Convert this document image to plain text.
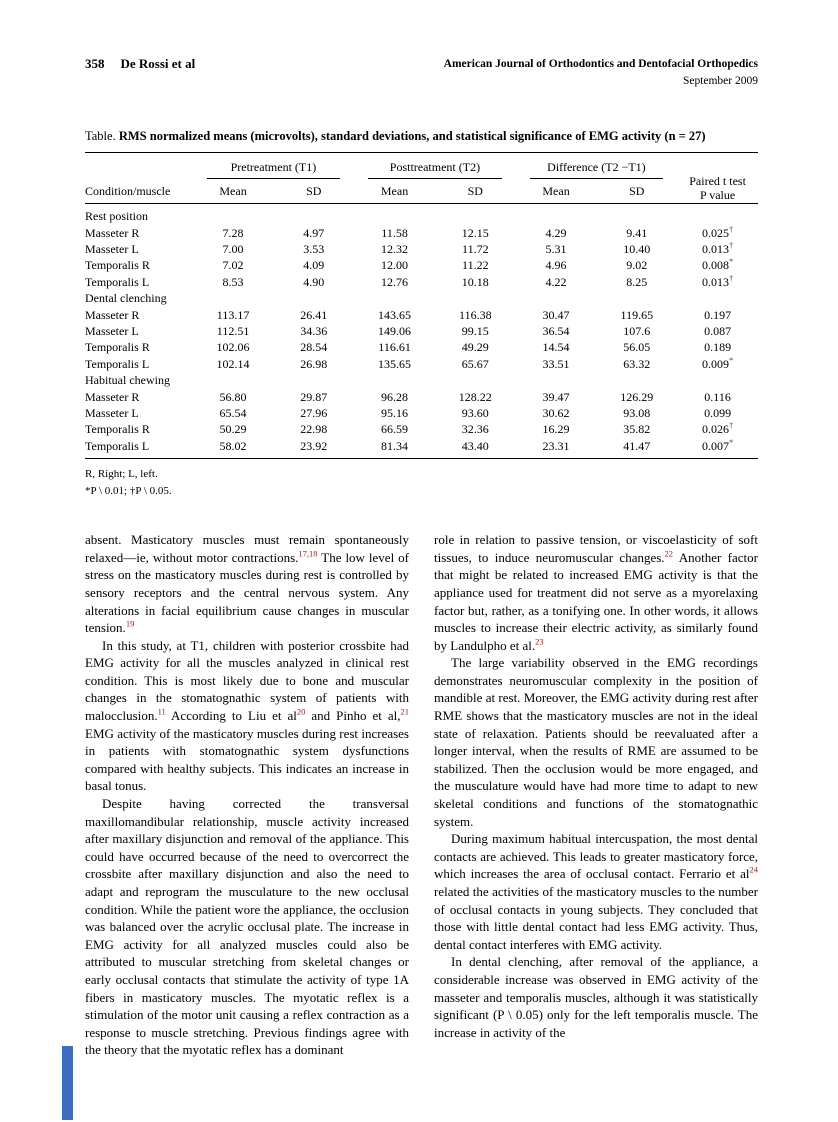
358 De Rossi et al	American Journal of Orthodontics and Dentofacial Orthopedics
September 2009
Table. RMS normalized means (microvolts), standard deviations, and statistical significance of EMG activity (n = 27)

	Pretreatment (T1)		Posttreatment (T2)		Difference (T2 −T1)		Paired t test
P value
Condition/muscle	Mean	SD	Mean	SD	Mean	SD	
Rest position							
Masseter R	7.28	4.97	11.58	12.15	4.29	9.41	0.025†
Masseter L	7.00	3.53	12.32	11.72	5.31	10.40	0.013†
Temporalis R	7.02	4.09	12.00	11.22	4.96	9.02	0.008*
Temporalis L	8.53	4.90	12.76	10.18	4.22	8.25	0.013†
Dental clenching							
Masseter R	113.17	26.41	143.65	116.38	30.47	119.65	0.197
Masseter L	112.51	34.36	149.06	99.15	36.54	107.6	0.087
Temporalis R	102.06	28.54	116.61	49.29	14.54	56.05	0.189
Temporalis L	102.14	26.98	135.65	65.67	33.51	63.32	0.009*
Habitual chewing							
Masseter R	56.80	29.87	96.28	128.22	39.47	126.29	0.116
Masseter L	65.54	27.96	95.16	93.60	30.62	93.08	0.099
Temporalis R	50.29	22.98	66.59	32.36	16.29	35.82	0.026†
Temporalis L	58.02	23.92	81.34	43.40	23.31	41.47	0.007*
R, Right; L, left.
*P \ 0.01; †P \ 0.05.

absent. Masticatory muscles must remain spontaneously relaxed—ie, without motor contractions.$^{17,18}$ The low level of stress on the masticatory muscles during rest is controlled by sensory receptors and the central nervous system. Any alterations in facial equilibrium cause changes in muscular tension.$^{19}$

In this study, at T1, children with posterior crossbite had EMG activity for all the muscles analyzed in clinical rest condition. This is most likely due to bone and muscular changes in the stomatognathic system of patients with malocclusion.$^{11}$ According to Liu et al$^{20}$ and Pinho et al,$^{21}$ EMG activity of the masticatory muscles during rest increases in patients with stomatognathic system dysfunctions compared with healthy subjects. This indicates an increase in basal tonus.

Despite having corrected the transversal maxillomandibular relationship, muscle activity increased after maxillary disjunction and removal of the appliance. This could have occurred because of the need to overcorrect the crossbite after maxillary disjunction and also the need to adapt and reprogram the musculature to the new occlusal condition. While the patient wore the appliance, the occlusion was balanced over the acrylic occlusal plate. The increase in EMG activity for all analyzed muscles could also be attributed to muscular stretching from skeletal changes or early occlusal contacts that stimulate the activity of type 1A fibers in masticatory muscles. The myotatic reflex is a stimulation of the motor unit causing a reflex contraction as a response to muscle stretching. Previous findings agree with the theory that the myotatic reflex has a dominant

role in relation to passive tension, or viscoelasticity of soft tissues, to induce neuromuscular changes.$^{22}$ Another factor that might be related to increased EMG activity is that the appliance used for treatment did not serve as a myorelaxing factor but, rather, as a tonifying one. In other words, it allows muscles to increase their electric activity, as similarly found by Landulpho et al.$^{23}$

The large variability observed in the EMG recordings demonstrates neuromuscular complexity in the position of mandible at rest. Moreover, the EMG activity during rest after RME shows that the masticatory muscles are not in the ideal state of relaxation. Patients should be reevaluated after a longer interval, when the results of RME are assumed to be stabilized. Then the occlusion would be more engaged, and the musculature would have had more time to adapt to new skeletal conditions and functions of the stomatognathic system.

During maximum habitual intercuspation, the most dental contacts are achieved. This leads to greater masticatory force, which increases the area of occlusal contact. Ferrario et al$^{24}$ related the activities of the masticatory muscles to the number of occlusal contacts in young subjects. They concluded that those with little dental contact had less EMG activity. Thus, dental contact interferes with EMG activity.

In dental clenching, after removal of the appliance, a considerable increase was observed in EMG activity of the masseter and temporalis muscles, although it was statistically significant (P \ 0.05) only for the left temporalis muscle. The increase in activity of the
